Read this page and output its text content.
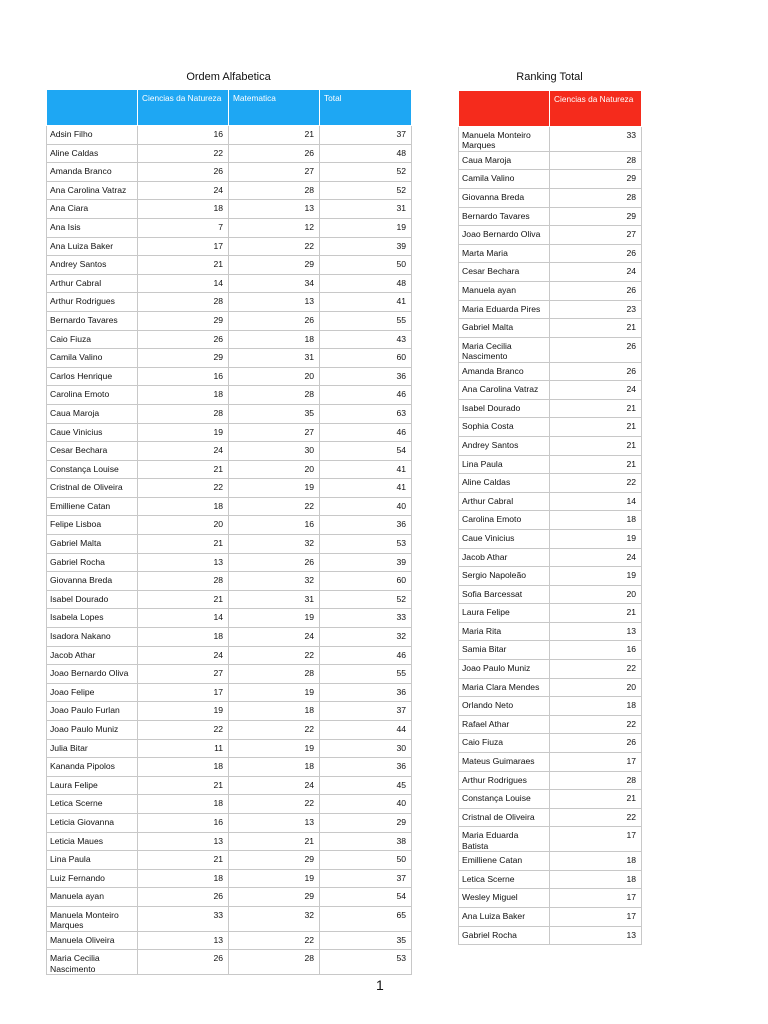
Ordem Alfabetica
	Ciencias da Natureza	Matematica	Total
Adsin Filho	16	21	37
Aline Caldas	22	26	48
Amanda Branco	26	27	52
Ana Carolina Vatraz	24	28	52
Ana Ciara	18	13	31
Ana Isis	7	12	19
Ana Luiza Baker	17	22	39
Andrey Santos	21	29	50
Arthur Cabral	14	34	48
Arthur Rodrigues	28	13	41
Bernardo Tavares	29	26	55
Caio Fiuza	26	18	43
Camila Valino	29	31	60
Carlos Henrique	16	20	36
Carolina Emoto	18	28	46
Caua Maroja	28	35	63
Caue Vinicius	19	27	46
Cesar Bechara	24	30	54
Constança Louise	21	20	41
Cristnal de Oliveira	22	19	41
Emilliene Catan	18	22	40
Felipe Lisboa	20	16	36
Gabriel Malta	21	32	53
Gabriel Rocha	13	26	39
Giovanna Breda	28	32	60
Isabel Dourado	21	31	52
Isabela Lopes	14	19	33
Isadora Nakano	18	24	32
Jacob Athar	24	22	46
Joao Bernardo Oliva	27	28	55
Joao Felipe	17	19	36
Joao Paulo Furlan	19	18	37
Joao Paulo Muniz	22	22	44
Julia Bitar	11	19	30
Kananda Pipolos	18	18	36
Laura Felipe	21	24	45
Letica Scerne	18	22	40
Leticia Giovanna	16	13	29
Leticia Maues	13	21	38
Lina Paula	21	29	50
Luiz Fernando	18	19	37
Manuela ayan	26	29	54
Manuela Monteiro Marques	33	32	65
Manuela Oliveira	13	22	35
Maria Cecilia Nascimento	26	28	53
Ranking Total
	Ciencias da Natureza
Manuela Monteiro Marques	33
Caua Maroja	28
Camila Valino	29
Giovanna Breda	28
Bernardo Tavares	29
Joao Bernardo Oliva	27
Marta Maria	26
Cesar Bechara	24
Manuela ayan	26
Maria Eduarda Pires	23
Gabriel Malta	21
Maria Cecilia Nascimento	26
Amanda Branco	26
Ana Carolina Vatraz	24
Isabel Dourado	21
Sophia Costa	21
Andrey Santos	21
Lina Paula	21
Aline Caldas	22
Arthur Cabral	14
Carolina Emoto	18
Caue Vinicius	19
Jacob Athar	24
Sergio Napoleão	19
Sofia Barcessat	20
Laura Felipe	21
Maria Rita	13
Samia Bitar	16
Joao Paulo Muniz	22
Maria Clara Mendes	20
Orlando Neto	18
Rafael Athar	22
Caio Fiuza	26
Mateus Guimaraes	17
Arthur Rodrigues	28
Constança Louise	21
Cristnal de Oliveira	22
Maria Eduarda Batista	17
Emilliene Catan	18
Letica Scerne	18
Wesley Miguel	17
Ana Luiza Baker	17
Gabriel Rocha	13
1
